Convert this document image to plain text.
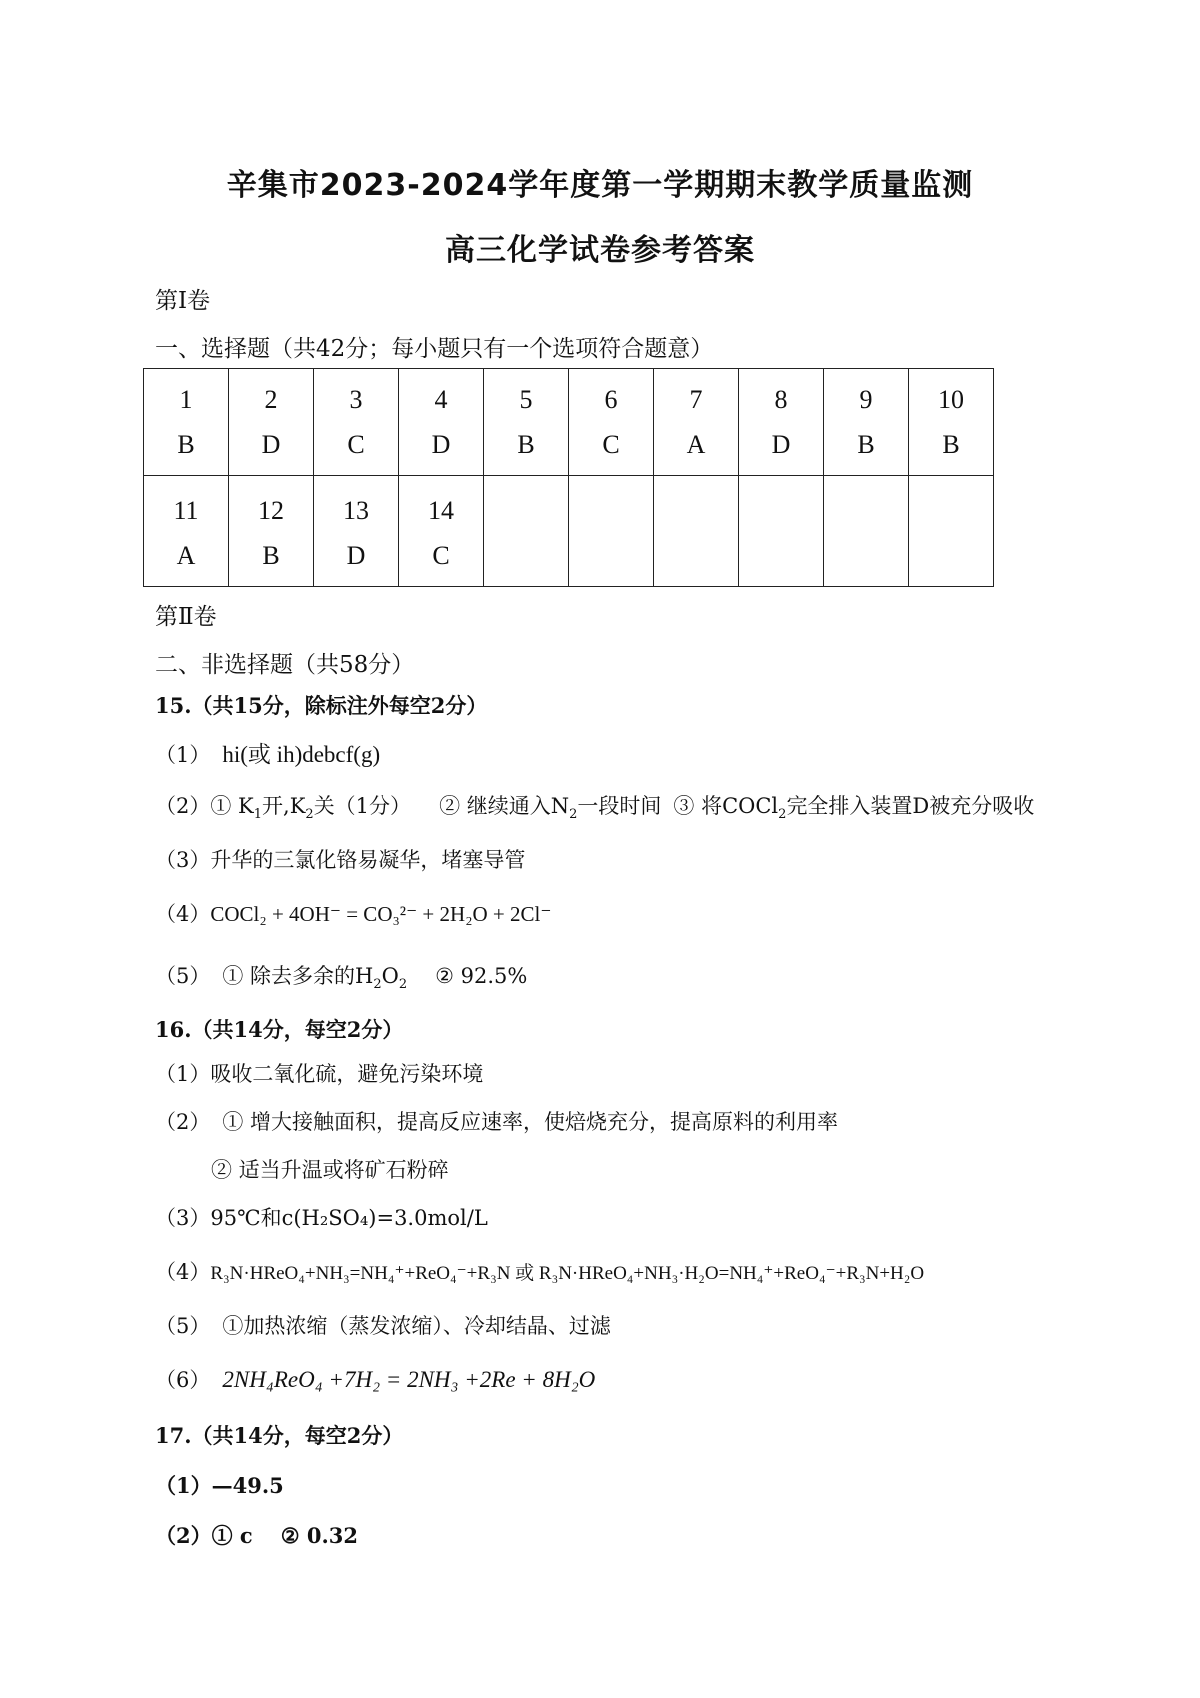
辛集市2023-2024学年度第一学期期末教学质量监测
高三化学试卷参考答案
第Ⅰ卷
一、选择题（共42分；每小题只有一个选项符合题意）
1	2	3	4	5	6	7	8	9	10
B	D	C	D	B	C	A	D	B	B
11	12	13	14						
A	B	D	C						
第Ⅱ卷
二、非选择题（共58分）
15.（共15分，除标注外每空2分）
（1） hi(或 ih)debcf(g)
（2）① $K_1$开$,K_2$关（1分） ② 继续通入$N_2$一段时间 ③ 将COCl$_2$完全排入装置D被充分吸收
（3）升华的三氯化铬易凝华，堵塞导管
（4）COCl₂ + 4OH⁻ = CO₃²⁻ + 2H₂O + 2Cl⁻
（5） ① 除去多余的$H_2O_2$ ② 92.5%
16.（共14分，每空2分）
（1）吸收二氧化硫，避免污染环境
（2） ① 增大接触面积，提高反应速率，使焙烧充分，提高原料的利用率
② 适当升温或将矿石粉碎
（3）95℃和c(H₂SO₄)=3.0mol/L
（4）R₃N·HReO₄+NH₃=NH₄⁺+ReO₄⁻+R₃N 或 R₃N·HReO₄+NH₃·H₂O=NH₄⁺+ReO₄⁻+R₃N+H₂O
（5） ①加热浓缩（蒸发浓缩）、冷却结晶、过滤
（6） 2NH₄ReO₄ +7H₂ = 2NH₃ +2Re + 8H₂O
17.（共14分，每空2分）
（1）—49.5
（2）① c ② 0.32
